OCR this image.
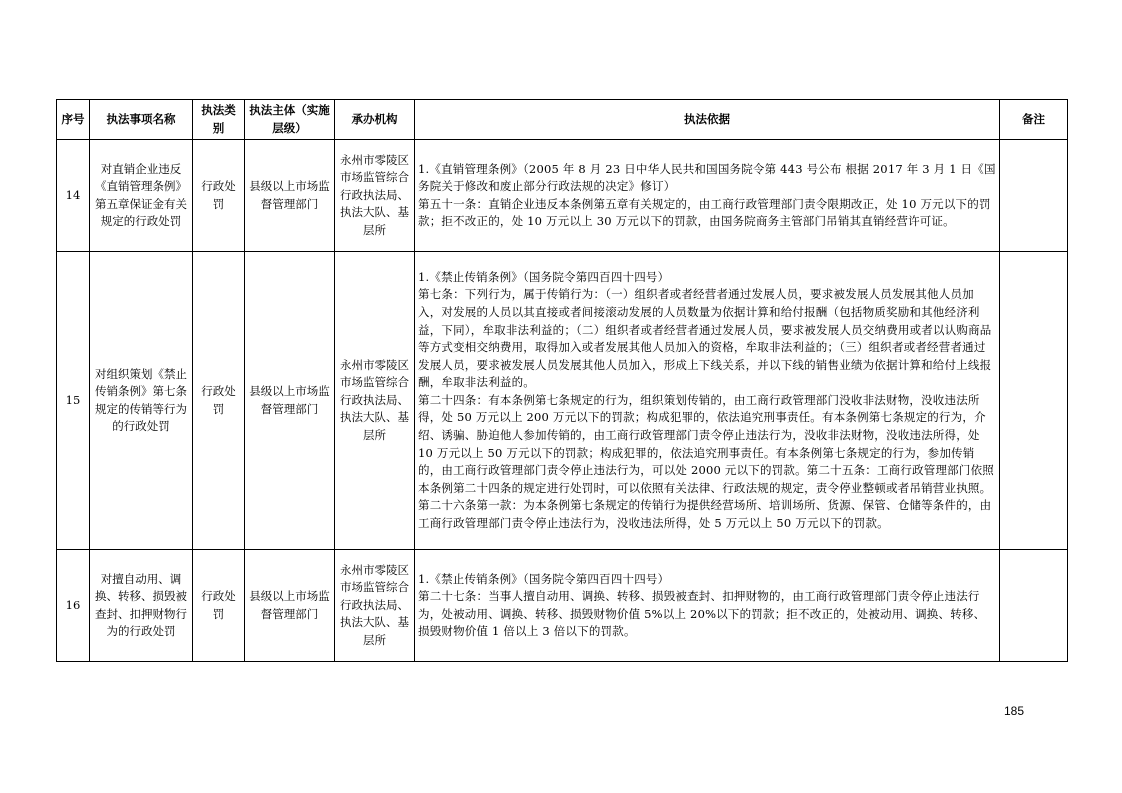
序号	执法事项名称	执法类别	执法主体（实施层级）	承办机构	执法依据	备注
14	对直销企业违反《直销管理条例》第五章保证金有关规定的行政处罚	行政处罚	县级以上市场监督管理部门	永州市零陵区市场监管综合行政执法局、执法大队、基层所	1.《直销管理条例》（2005 年 8 月 23 日中华人民共和国国务院令第 443 号公布 根据 2017 年 3 月 1 日《国务院关于修改和废止部分行政法规的决定》修订）
第五十一条：直销企业违反本条例第五章有关规定的，由工商行政管理部门责令限期改正，处 10 万元以下的罚款；拒不改正的，处 10 万元以上 30 万元以下的罚款，由国务院商务主管部门吊销其直销经营许可证。	

15	对组织策划《禁止传销条例》第七条规定的传销等行为的行政处罚	行政处罚	县级以上市场监督管理部门	永州市零陵区市场监管综合行政执法局、执法大队、基层所	1.《禁止传销条例》（国务院令第四百四十四号）
第七条：下列行为，属于传销行为：（一）组织者或者经营者通过发展人员，要求被发展人员发展其他人员加入，对发展的人员以其直接或者间接滚动发展的人员数量为依据计算和给付报酬（包括物质奖励和其他经济利益，下同），牟取非法利益的；（二）组织者或者经营者通过发展人员，要求被发展人员交纳费用或者以认购商品等方式变相交纳费用，取得加入或者发展其他人员加入的资格，牟取非法利益的；（三）组织者或者经营者通过发展人员，要求被发展人员发展其他人员加入，形成上下线关系，并以下线的销售业绩为依据计算和给付上线报酬，牟取非法利益的。
第二十四条：有本条例第七条规定的行为，组织策划传销的，由工商行政管理部门没收非法财物，没收违法所得，处 50 万元以上 200 万元以下的罚款；构成犯罪的，依法追究刑事责任。有本条例第七条规定的行为，介绍、诱骗、胁迫他人参加传销的，由工商行政管理部门责令停止违法行为，没收非法财物，没收违法所得，处 10 万元以上 50 万元以下的罚款；构成犯罪的，依法追究刑事责任。有本条例第七条规定的行为，参加传销的，由工商行政管理部门责令停止违法行为，可以处 2000 元以下的罚款。第二十五条：工商行政管理部门依照本条例第二十四条的规定进行处罚时，可以依照有关法律、行政法规的规定，责令停业整顿或者吊销营业执照。第二十六条第一款：为本条例第七条规定的传销行为提供经营场所、培训场所、货源、保管、仓储等条件的，由工商行政管理部门责令停止违法行为，没收违法所得，处 5 万元以上 50 万元以下的罚款。	

16	对擅自动用、调换、转移、损毁被查封、扣押财物行为的行政处罚	行政处罚	县级以上市场监督管理部门	永州市零陵区市场监管综合行政执法局、执法大队、基层所	1.《禁止传销条例》（国务院令第四百四十四号）
第二十七条：当事人擅自动用、调换、转移、损毁被查封、扣押财物的，由工商行政管理部门责令停止违法行为，处被动用、调换、转移、损毁财物价值 5%以上 20%以下的罚款；拒不改正的，处被动用、调换、转移、损毁财物价值 1 倍以上 3 倍以下的罚款。	

185
